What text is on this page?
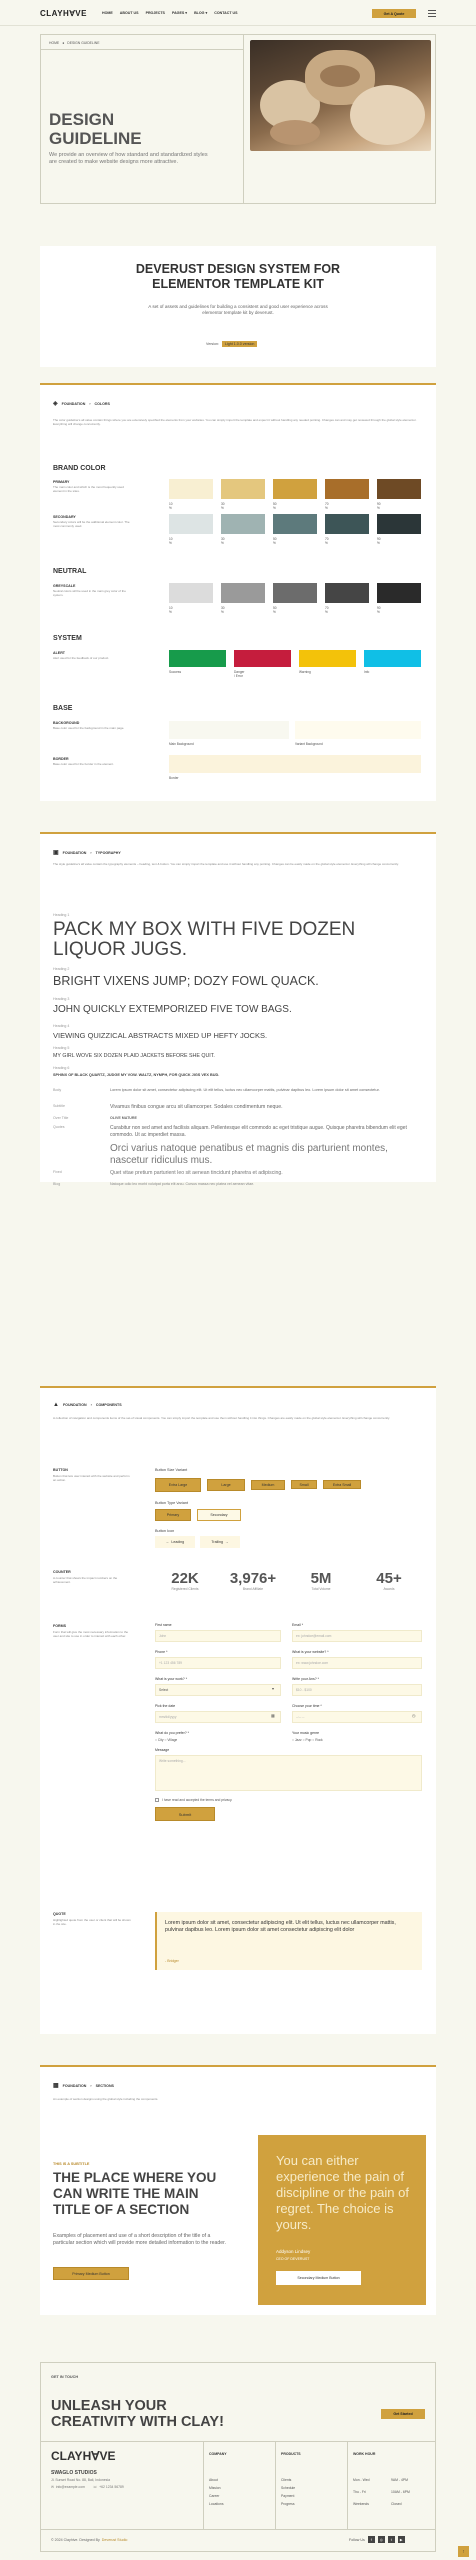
CLAYH∀VE	HOME ABOUT US PROJECTS PAGES ▾ BLOG ▾ CONTACT US	Get A Quote
HOME ● DESIGN GUIDELINE
DESIGN
GUIDELINE
We provide an overview of how standard and standardized styles are created to make website designs more attractive.
DEVERUST DESIGN SYSTEM FOR
ELEMENTOR TEMPLATE KIT
A set of assets and guidelines for building a consistent and good user experience across elementor template kit by deverust.
Version:	Light 1.0.0 version
◈ FOUNDATION › COLORS
The color guideline's all value contain things where you are extensively specified the elements from your websites. You can simply import the template and expect it without handling any needed pointing. Changes can and may get reviewed through the global style elementor. Everything will change concurrently.
BRAND COLOR
PRIMARY
The main color and which is the most frequently used element in the sites.
SECONDARY
Secondary colors will be the additional element color. The most commonly used.
10 %
30 %
50 %
70 %
90 %
10 %
30 %
50 %
70 %
90 %
NEUTRAL
GREYSCALE
Neutral colors will be used in the main grey color of the system.
10 %
30 %
50 %
70 %
90 %
SYSTEM
ALERT
Alert used for the feedback of our product.
Success	Danger / Error
Warning	Info
BASE
BACKGROUND
Base color used for the background in the main page.
BORDER
Base color used for the border in the element.
Main Background	Variant Background
Border
▣ FOUNDATION › TYPOGRAPHY
The style guideline's all value contain the typography elements – heading, text & button. You can simply import the template and use it without handling any pointing. Changes can be easily made on the global style elementor. Everything will change concurrently.
Heading 1
PACK MY BOX WITH FIVE DOZEN LIQUOR JUGS.
Heading 2
BRIGHT VIXENS JUMP; DOZY FOWL QUACK.
Heading 3
JOHN QUICKLY EXTEMPORIZED FIVE TOW BAGS.
Heading 4
VIEWING QUIZZICAL ABSTRACTS MIXED UP HEFTY JOCKS.
Heading 5
MY GIRL WOVE SIX DOZEN PLAID JACKETS BEFORE SHE QUIT.
Heading 6
SPHINX OF BLACK QUARTZ, JUDGE MY VOW. WALTZ, NYMPH, FOR QUICK JIGS VEX BUD.
Body	Lorem ipsum dolor sit amet, consectetur adipiscing elit. Ut elit tellus, luctus nec ullamcorper mattis, pulvinar dapibus leo. Lorem ipsum dolor sit amet consectetur.
Subtitle	Vivamus finibus congue arcu sit ullamcorper. Sodales condimentum neque.
Over Title	OLIVE MATURE
Quotes	Curabitur non sed amet and facilisis aliquam. Pellentesque elit commodo ac eget tristique augue. Quisque pharetra bibendum elit eget commodo. Ut ac imperdiet massa.
Orci varius natoque penatibus et magnis dis parturient montes, nascetur ridiculus mus.
Fixed	Quet vitae pretium parturient leo sit aenean tincidunt pharetra et adipiscing.
Blog	Natoque odio leo morbi volutpat porta elit arcu. Cursus massa nec platea vel aenean vitae.
▲ FOUNDATION › COMPONENTS
A collection of navigation and components items of the set-of visual components. You can simply import the template and use them without handling it into things. Changes are easily made on the global style elementor. Everything will change concurrently.
BUTTON
Button that lets user interact with the website and perform an action.
Button Size Variant
Extra Large	Large	Medium	Small	Extra Small
Button Type Variant
Primary	Secondary
Button Icon
← Leading	Trailing →
COUNTER
A counter that shows the impact numbers on the achievement.	22K
Registered Clients
3,976+
Brand Affiliate
5M
Total Volume
45+
Awards
FORMS
Form that will give the most necessary information to the user and site to use in order to interact with each other.
First name
John
Email *
ex: johndoe@email.com
Phone *
+1 123 456 789
What is your website? *
ex: www.johndoe.com
What is your work? *
Select	▾
Write your Ans? *
$10 - $100
Pick the date
mm/dd/yyyy	▦
Choose your time *
--:-- --	◷
What do you prefer? *
○ City ○ Village
Your music genre
○ Jazz ○ Pop ○ Rock
Message
Write something...
I have read and accepted the terms and privacy.
Submit
QUOTE
Highlighted quote from the user or client that will be shown in the site.	Lorem ipsum dolor sit amet, consectetur adipiscing elit. Ut elit tellus, luctus nec ullamcorper mattis, pulvinar dapibus leo. Lorem ipsum dolor sit amet consectetur adipiscing elit dolor
- Bridger
▦ FOUNDATION › SECTIONS
An example of section designs using the global style including the components.
THIS IS A SUBTITLE
THE PLACE WHERE YOU CAN WRITE THE MAIN TITLE OF A SECTION
Examples of placement and use of a short description of the title of a particular section which will provide more detailed information to the reader.
Primary Medium Button
You can either experience the pain of discipline or the pain of regret. The choice is yours.
Addyson Lindsey
CEO OF DEVERUST
Secondary Medium Button
GET IN TOUCH
UNLEASH YOUR
CREATIVITY WITH CLAY!	Get Started
CLAYH∀VE
SWAGLO STUDIOS
Jl. Sunset Road No. 88, Bali, Indonesia
✉ info@example.com ☏ +62 1234 56789
COMPANY
About
Mission
Career
Locations
PRODUCTS
Clients
Schedule
Payment
Progress
WORK HOUR
Mon - Wed	9AM - 4PM
Thu - Fri	10AM - 6PM
Weekends	Closed
© 2024 Clayhive. Designed By Deverust Studio	Follow Us	f	◎	t	▶
↑
